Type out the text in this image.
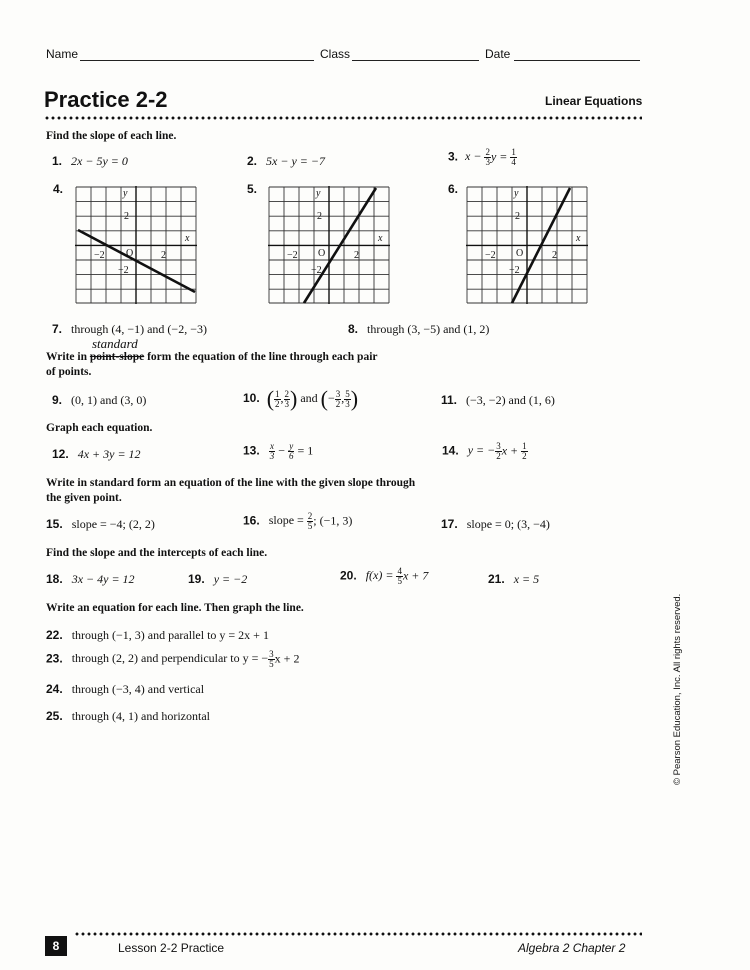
Name	Class	Date
Practice 2-2	Linear Equations
Find the slope of each line.
1. 2x − 5y = 0	2. 5x − y = −7	3. $x - \frac{2}{3}$ $y = \frac{1}{4}$
4.	5.	6.
y
x
2
−2
−2	2
O
y
x
2
−2
−2	2
O
y
x
2
−2
−2	2
O
7. through (4, −1) and (−2, −3)	8. through (3, −5) and (1, 2)
standard
Write in point-slope form the equation of the line through each pair
of points.
9. (0, 1) and (3, 0)	10. ( $\frac{1}{2}$ , $\frac{2}{3}$ ) and (− $\frac{3}{2}$ , $\frac{5}{3}$ )	11. (−3, −2) and (1, 6)
Graph each equation.
12. 4x + 3y = 12	13. $\frac{x}{3} - \frac{y}{6} = 1$	14. y = − $\frac{3}{2}$ $x + \frac{1}{2}$
Write in standard form an equation of the line with the given slope through
the given point.
15. slope = −4; (2, 2)	16. slope = $\frac{2}{5}$ ; (−1, 3)	17. slope = 0; (3, −4)
Find the slope and the intercepts of each line.
18. 3x − 4y = 12	19. y = −2	20. $f(x) = \frac{4}{5}$ x + 7	21. x = 5
Write an equation for each line. Then graph the line.
22. through (−1, 3) and parallel to y = 2x + 1
23. through (2, 2) and perpendicular to y = − $\frac{3}{5}$ x + 2
24. through (−3, 4) and vertical
25. through (4, 1) and horizontal	© Pearson Education, Inc. All rights reserved.
8	Lesson 2-2 Practice	Algebra 2 Chapter 2
